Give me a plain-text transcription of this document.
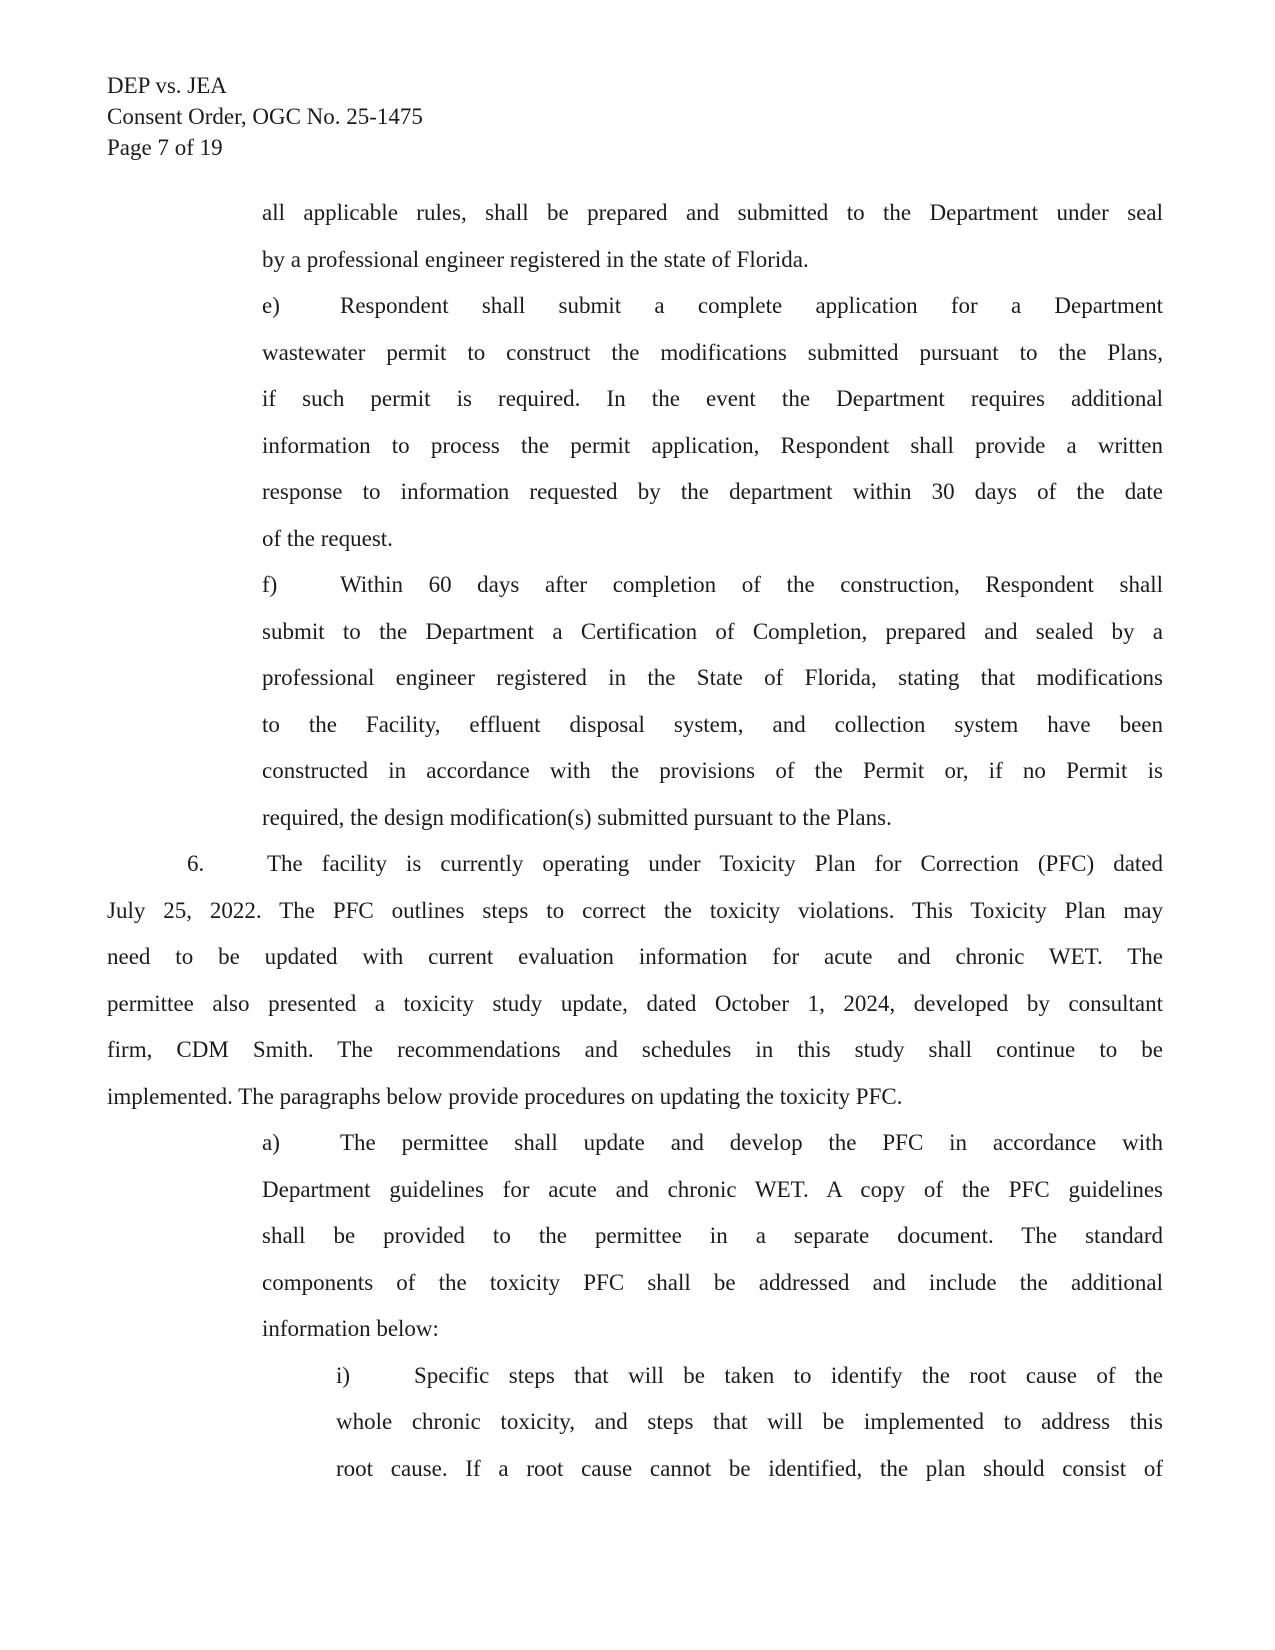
DEP vs. JEA
Consent Order, OGC No. 25-1475
Page 7 of 19
all applicable rules, shall be prepared and submitted to the Department under seal
by a professional engineer registered in the state of Florida.
e)	Respondent shall submit a complete application for a Department
wastewater permit to construct the modifications submitted pursuant to the Plans,
if such permit is required. In the event the Department requires additional
information to process the permit application, Respondent shall provide a written
response to information requested by the department within 30 days of the date
of the request.
f)	Within 60 days after completion of the construction, Respondent shall
submit to the Department a Certification of Completion, prepared and sealed by a
professional engineer registered in the State of Florida, stating that modifications
to the Facility, effluent disposal system, and collection system have been
constructed in accordance with the provisions of the Permit or, if no Permit is
required, the design modification(s) submitted pursuant to the Plans.
6.	The facility is currently operating under Toxicity Plan for Correction (PFC) dated
July 25, 2022. The PFC outlines steps to correct the toxicity violations. This Toxicity Plan may
need to be updated with current evaluation information for acute and chronic WET. The
permittee also presented a toxicity study update, dated October 1, 2024, developed by consultant
firm, CDM Smith. The recommendations and schedules in this study shall continue to be
implemented. The paragraphs below provide procedures on updating the toxicity PFC.
a)	The permittee shall update and develop the PFC in accordance with
Department guidelines for acute and chronic WET. A copy of the PFC guidelines
shall be provided to the permittee in a separate document. The standard
components of the toxicity PFC shall be addressed and include the additional
information below:
i)	Specific steps that will be taken to identify the root cause of the
whole chronic toxicity, and steps that will be implemented to address this
root cause. If a root cause cannot be identified, the plan should consist of
